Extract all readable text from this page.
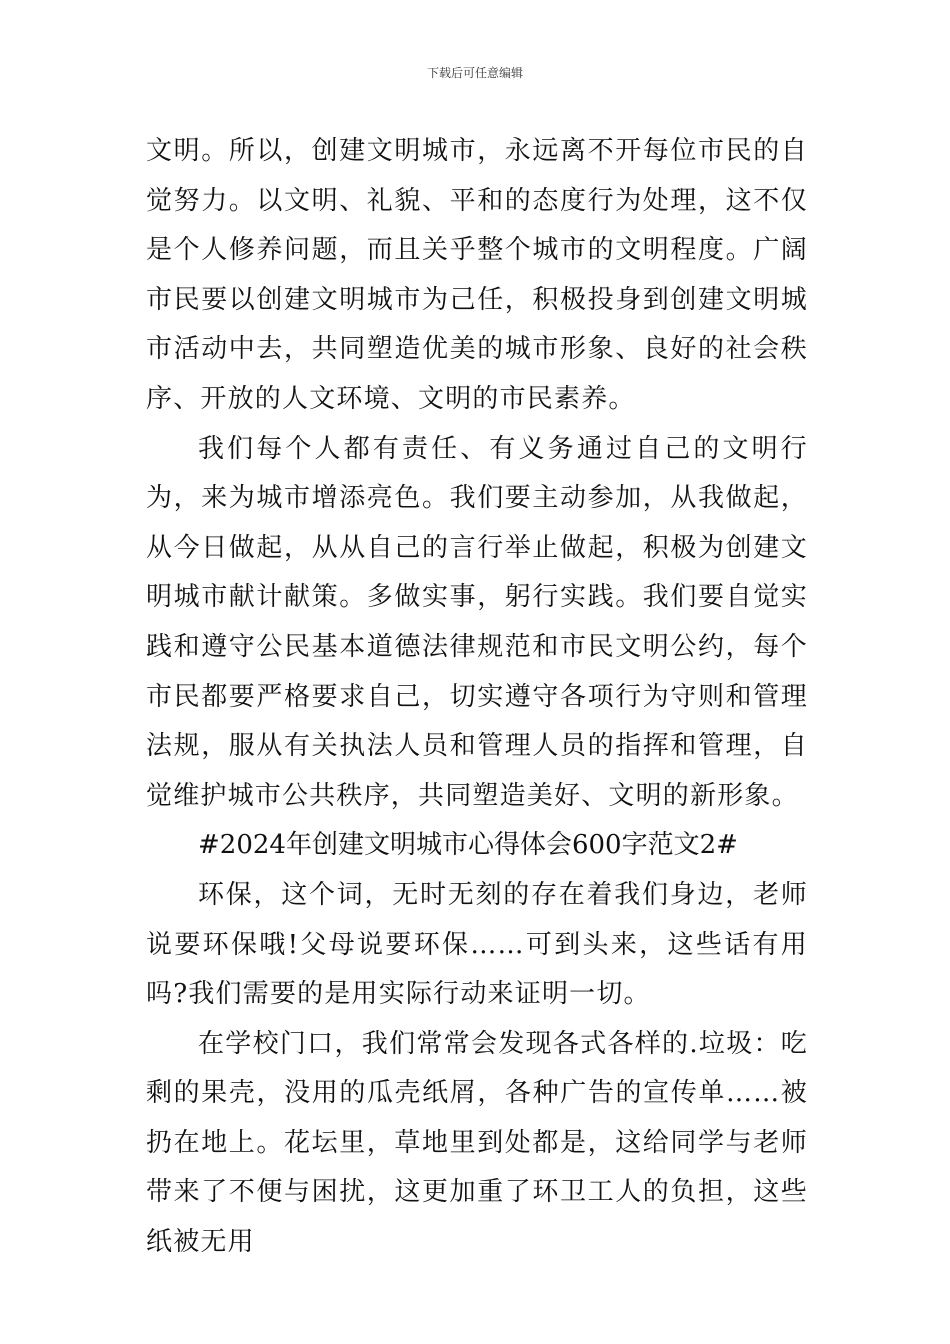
下载后可任意编辑

文明。所以，创建文明城市，永远离不开每位市民的自觉努力。以文明、礼貌、平和的态度行为处理，这不仅是个人修养问题，而且关乎整个城市的文明程度。广阔市民要以创建文明城市为己任，积极投身到创建文明城市活动中去，共同塑造优美的城市形象、良好的社会秩序、开放的人文环境、文明的市民素养。

我们每个人都有责任、有义务通过自己的文明行为，来为城市增添亮色。我们要主动参加，从我做起，从今日做起，从从自己的言行举止做起，积极为创建文明城市献计献策。多做实事，躬行实践。我们要自觉实践和遵守公民基本道德法律规范和市民文明公约，每个市民都要严格要求自己，切实遵守各项行为守则和管理法规，服从有关执法人员和管理人员的指挥和管理，自觉维护城市公共秩序，共同塑造美好、文明的新形象。

#2024年创建文明城市心得体会600字范文2#

环保，这个词，无时无刻的存在着我们身边，老师说要环保哦!父母说要环保……可到头来，这些话有用吗?我们需要的是用实际行动来证明一切。

在学校门口，我们常常会发现各式各样的.垃圾：吃剩的果壳，没用的瓜壳纸屑，各种广告的宣传单……被扔在地上。花坛里，草地里到处都是，这给同学与老师带来了不便与困扰，这更加重了环卫工人的负担，这些纸被无用
